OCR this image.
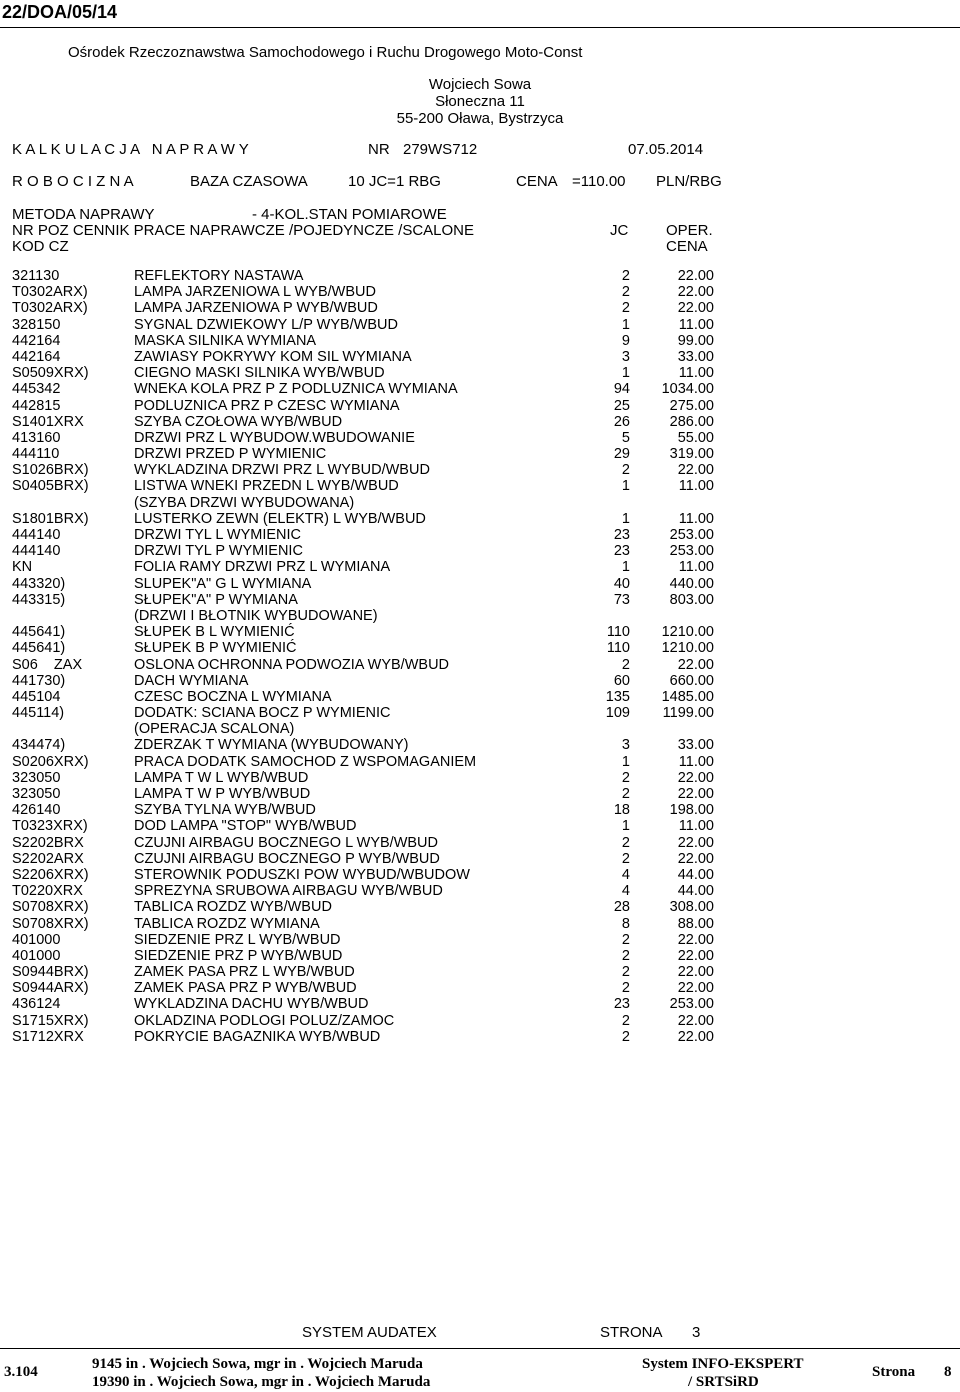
22/DOA/05/14
Ośrodek Rzeczoznawstwa Samochodowego i Ruchu Drogowego Moto-Const
Wojciech Sowa
Słoneczna 11
55-200 Oława, Bystrzyca
K A L K U L A C J A   N A P R A W Y	NR 279WS712	07.05.2014
R O B O C I Z N A	BAZA CZASOWA	10 JC=1 RBG	CENA =110.00 PLN/RBG
METODA NAPRAWY	- 4-KOL.STAN POMIAROWE
NR POZ CENNIK PRACE NAPRAWCZE /POJEDYNCZE /SCALONE
KOD CZ
JC	OPER.
CENA
321130	REFLEKTORY NASTAWA	2	22.00
T0302ARX)	LAMPA JARZENIOWA L WYB/WBUD	2	22.00
T0302ARX)	LAMPA JARZENIOWA P WYB/WBUD	2	22.00
328150	SYGNAL DZWIEKOWY L/P WYB/WBUD	1	11.00
442164	MASKA SILNIKA WYMIANA	9	99.00
442164	ZAWIASY POKRYWY KOM SIL WYMIANA	3	33.00
S0509XRX)	CIEGNO MASKI SILNIKA WYB/WBUD	1	11.00
445342	WNEKA KOLA PRZ P Z PODLUZNICA WYMIANA	94 1034.00
442815	PODLUZNICA PRZ P CZESC WYMIANA	25	275.00
S1401XRX	SZYBA CZOŁOWA WYB/WBUD	26	286.00
413160	DRZWI PRZ L WYBUDOW.WBUDOWANIE	5	55.00
444110	DRZWI PRZED P WYMIENIC	29	319.00
S1026BRX)	WYKLADZINA DRZWI PRZ L WYBUD/WBUD	2	22.00
S0405BRX)	LISTWA WNEKI PRZEDN L WYB/WBUD	1	11.00
(SZYBA DRZWI WYBUDOWANA)
S1801BRX)	LUSTERKO ZEWN (ELEKTR) L WYB/WBUD	1	11.00
444140	DRZWI TYL L WYMIENIC	23	253.00
444140	DRZWI TYL P WYMIENIC	23	253.00
KN	FOLIA RAMY DRZWI PRZ L WYMIANA	1	11.00
443320)	SLUPEK"A" G L WYMIANA	40	440.00
443315)	SŁUPEK"A" P WYMIANA	73	803.00
(DRZWI I BŁOTNIK WYBUDOWANE)
445641)	SŁUPEK B L WYMIENIĆ	110 1210.00
445641)	SŁUPEK B P WYMIENIĆ	110 1210.00
S06    ZAX	OSLONA OCHRONNA PODWOZIA WYB/WBUD	2	22.00
441730)	DACH WYMIANA	60	660.00
445104	CZESC BOCZNA L WYMIANA	135 1485.00
445114)	DODATK: SCIANA BOCZ P WYMIENIC	109 1199.00
(OPERACJA SCALONA)
434474)	ZDERZAK T WYMIANA (WYBUDOWANY)	3	33.00
S0206XRX)	PRACA DODATK SAMOCHOD Z WSPOMAGANIEM	1	11.00
323050	LAMPA T W L WYB/WBUD	2	22.00
323050	LAMPA T W P WYB/WBUD	2	22.00
426140	SZYBA TYLNA WYB/WBUD	18	198.00
T0323XRX)	DOD LAMPA "STOP" WYB/WBUD	1	11.00
S2202BRX	CZUJNI AIRBAGU BOCZNEGO L WYB/WBUD	2	22.00
S2202ARX	CZUJNI AIRBAGU BOCZNEGO P WYB/WBUD	2	22.00
S2206XRX)	STEROWNIK PODUSZKI POW WYBUD/WBUDOW	4	44.00
T0220XRX	SPREZYNA SRUBOWA AIRBAGU WYB/WBUD	4	44.00
S0708XRX)	TABLICA ROZDZ WYB/WBUD	28	308.00
S0708XRX)	TABLICA ROZDZ WYMIANA	8	88.00
401000	SIEDZENIE PRZ L WYB/WBUD	2	22.00
401000	SIEDZENIE PRZ P WYB/WBUD	2	22.00
S0944BRX)	ZAMEK PASA PRZ L WYB/WBUD	2	22.00
S0944ARX)	ZAMEK PASA PRZ P WYB/WBUD	2	22.00
436124	WYKLADZINA DACHU WYB/WBUD	23	253.00
S1715XRX)	OKLADZINA PODLOGI POLUZ/ZAMOC	2	22.00
S1712XRX	POKRYCIE BAGAZNIKA WYB/WBUD	2	22.00
SYSTEM AUDATEX	STRONA 3
3.104	9145 in . Wojciech Sowa, mgr in . Wojciech Maruda
19390 in . Wojciech Sowa, mgr in . Wojciech Maruda
System INFO-EKSPERT
/ SRTSiRD
Strona 8
